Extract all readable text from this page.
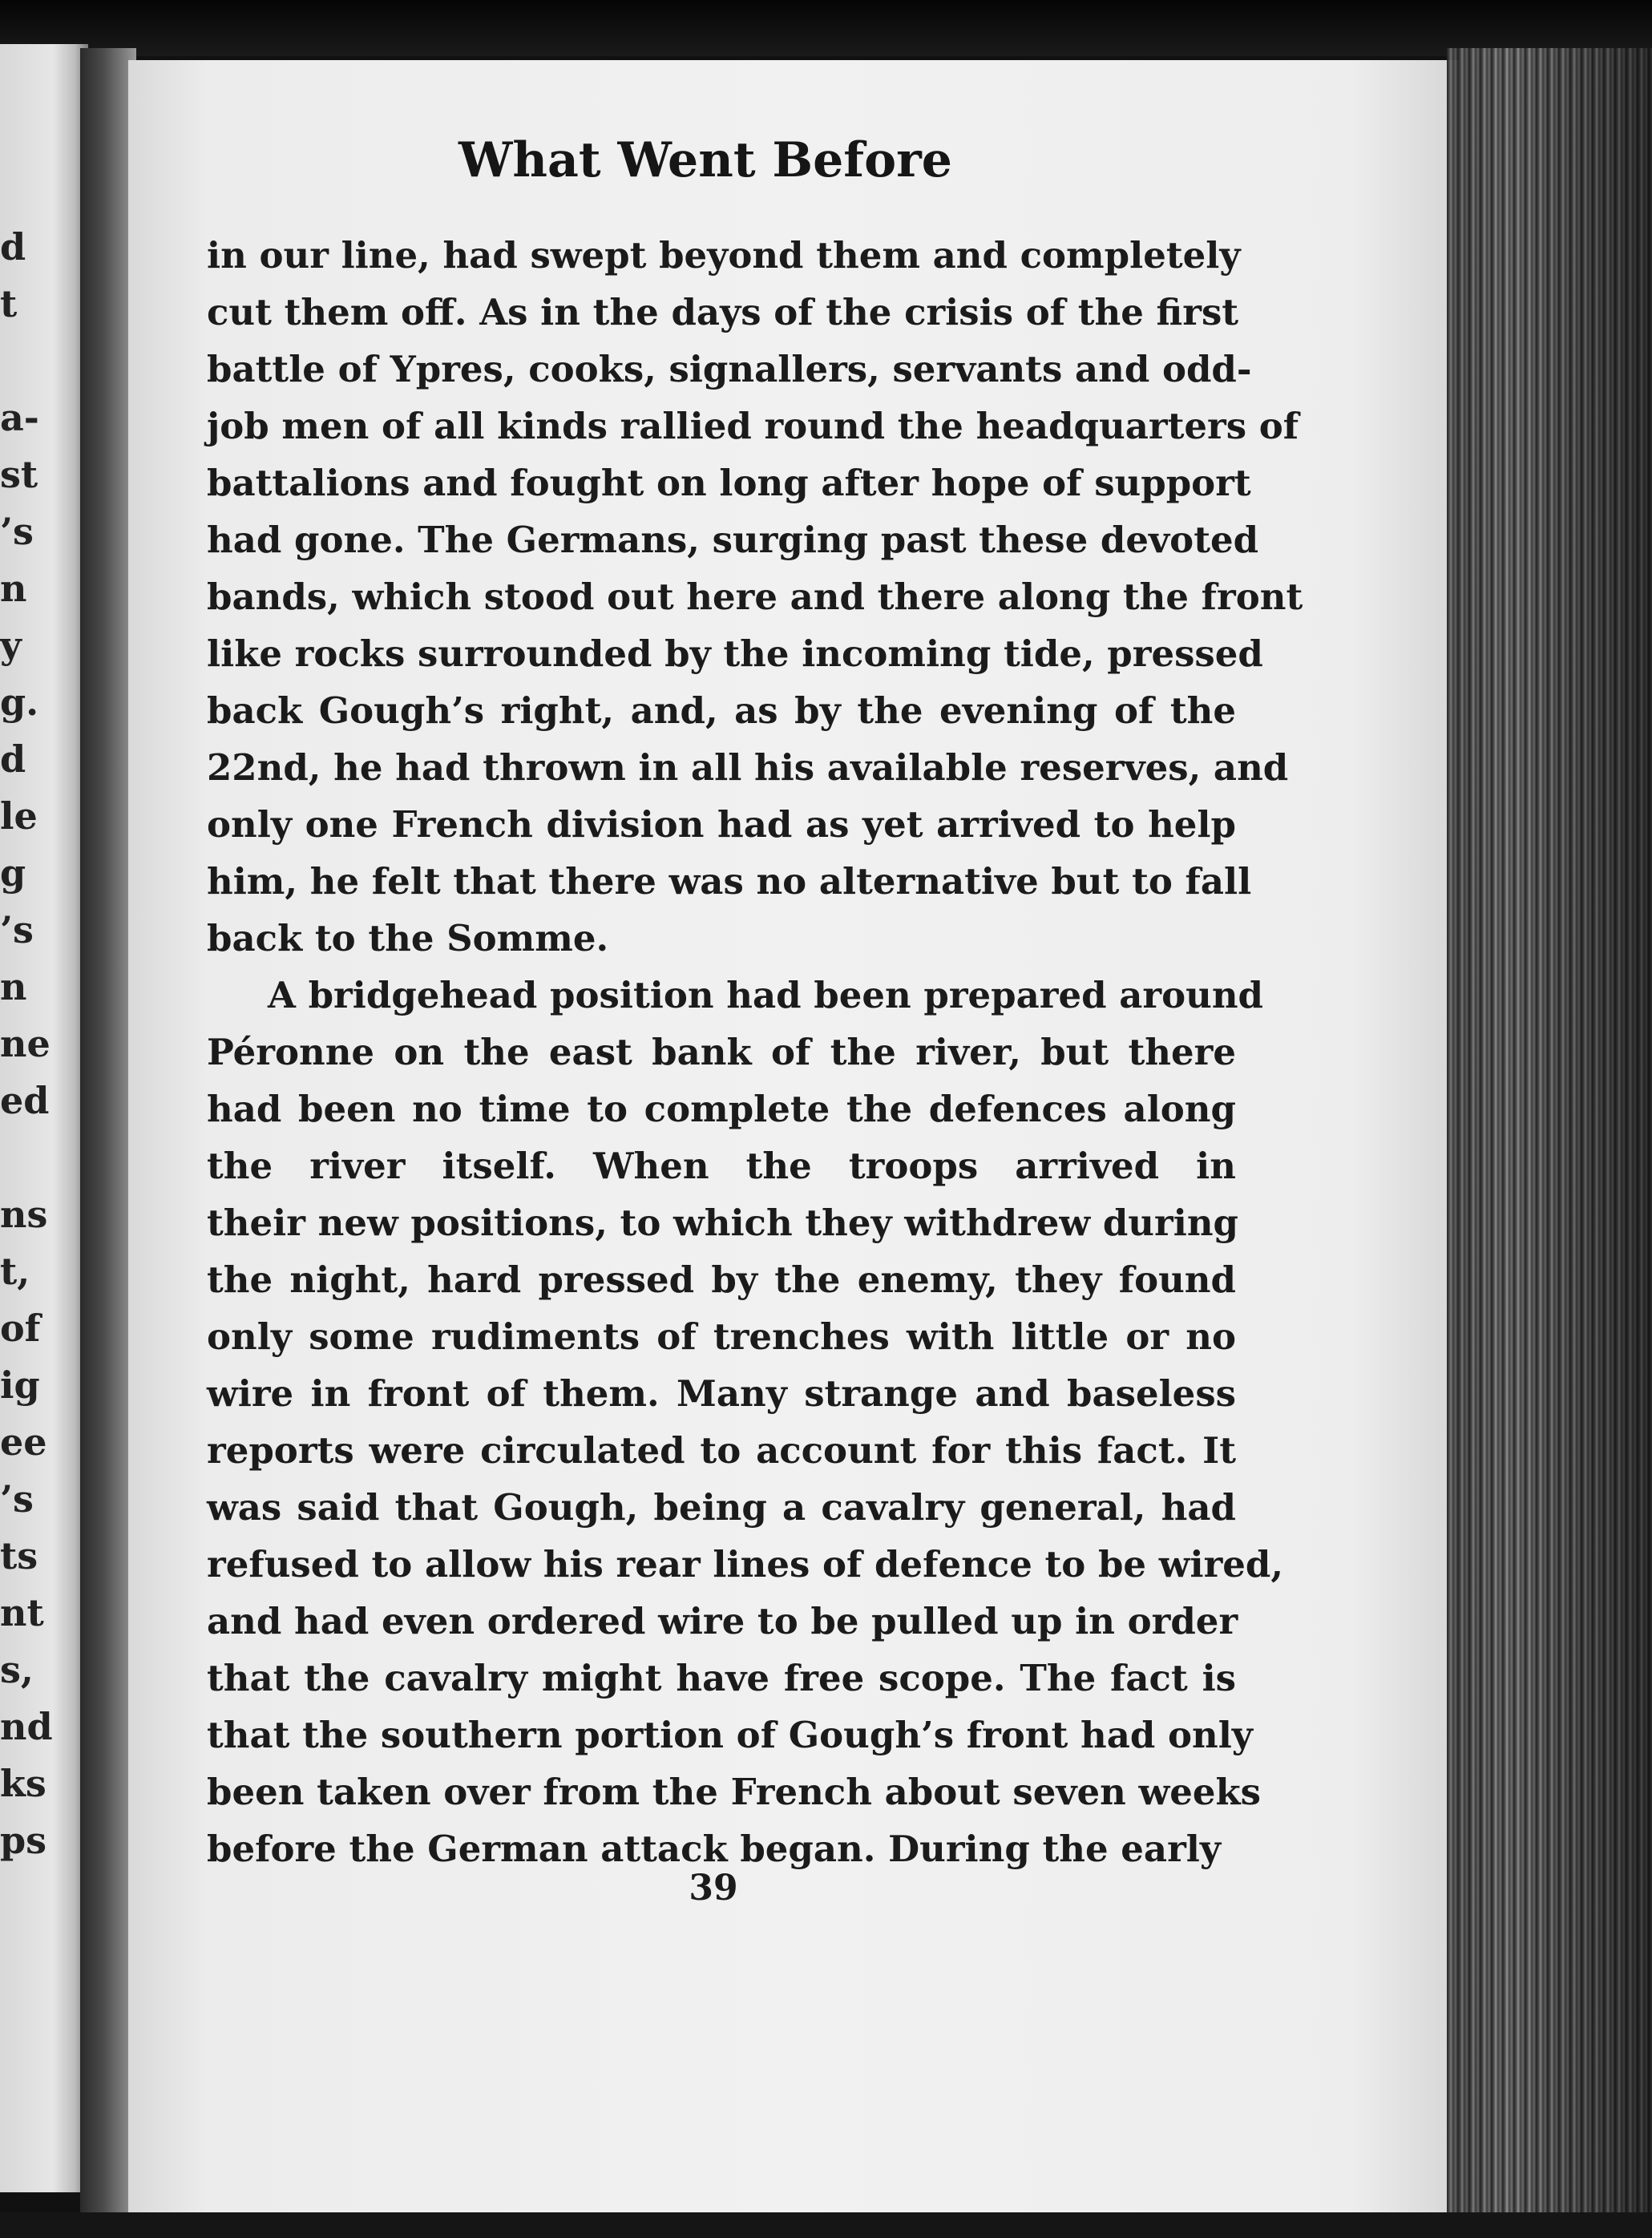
d
t
a-
st
’s
n
y
g.
d
le
g
’s
n
ne
ed
ns
t,
of
ig
ee
’s
ts
nt
s,
nd
ks
ps
What Went Before
in our line, had swept beyond them and completely
cut them off. As in the days of the crisis of the first
battle of Ypres, cooks, signallers, servants and odd-
job men of all kinds rallied round the headquarters of
battalions and fought on long after hope of support
had gone. The Germans, surging past these devoted
bands, which stood out here and there along the front
like rocks surrounded by the incoming tide, pressed
back Gough’s right, and, as by the evening of the
22nd, he had thrown in all his available reserves, and
only one French division had as yet arrived to help
him, he felt that there was no alternative but to fall
back to the Somme.
A bridgehead position had been prepared around
Péronne on the east bank of the river, but there
had been no time to complete the defences along
the river itself. When the troops arrived in
their new positions, to which they withdrew during
the night, hard pressed by the enemy, they found
only some rudiments of trenches with little or no
wire in front of them. Many strange and baseless
reports were circulated to account for this fact. It
was said that Gough, being a cavalry general, had
refused to allow his rear lines of defence to be wired,
and had even ordered wire to be pulled up in order
that the cavalry might have free scope. The fact is
that the southern portion of Gough’s front had only
been taken over from the French about seven weeks
before the German attack began. During the early
39
